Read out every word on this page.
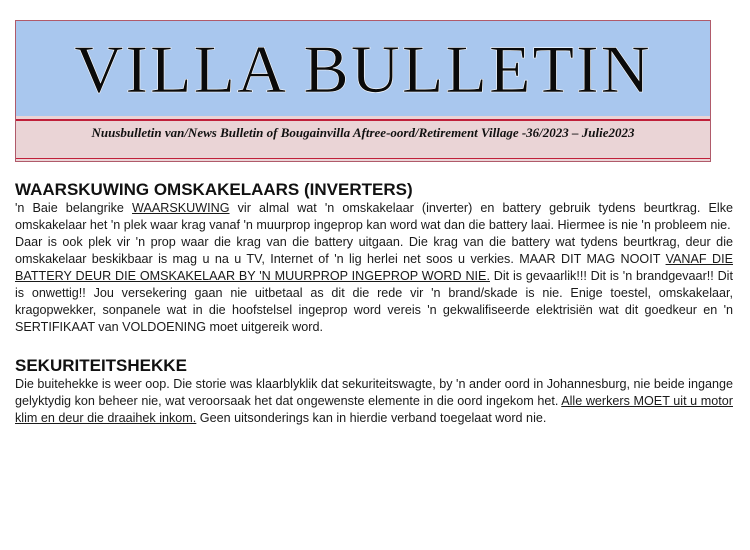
VILLA BULLETIN
Nuusbulletin van/News Bulletin of Bougainvilla Aftree-oord/Retirement Village -36/2023 – Julie2023
WAARSKUWING OMSKAKELAARS (INVERTERS)

'n Baie belangrike WAARSKUWING vir almal wat 'n omskakelaar (inverter) en battery gebruik tydens beurtkrag. Elke omskakelaar het 'n plek waar krag vanaf 'n muurprop ingeprop kan word wat dan die battery laai. Hiermee is nie 'n probleem nie.

Daar is ook plek vir 'n prop waar die krag van die battery uitgaan. Die krag van die battery wat tydens beurtkrag, deur die omskakelaar beskikbaar is mag u na u TV, Internet of 'n lig herlei net soos u verkies. MAAR DIT MAG NOOIT VANAF DIE BATTERY DEUR DIE OMSKAKELAAR BY 'N MUURPROP INGEPROP WORD NIE. Dit is gevaarlik!!! Dit is 'n brandgevaar!! Dit is onwettig!! Jou versekering gaan nie uitbetaal as dit die rede vir 'n brand/skade is nie. Enige toestel, omskakelaar, kragopwekker, sonpanele wat in die hoofstelsel ingeprop word vereis 'n gekwalifiseerde elektrisiën wat dit goedkeur en 'n SERTIFIKAAT van VOLDOENING moet uitgereik word.

SEKURITEITSHEKKE

Die buitehekke is weer oop. Die storie was klaarblyklik dat sekuriteitswagte, by 'n ander oord in Johannesburg, nie beide ingange gelyktydig kon beheer nie, wat veroorsaak het dat ongewenste elemente in die oord ingekom het. Alle werkers MOET uit u motor klim en deur die draaihek inkom. Geen uitsonderings kan in hierdie verband toegelaat word nie.
